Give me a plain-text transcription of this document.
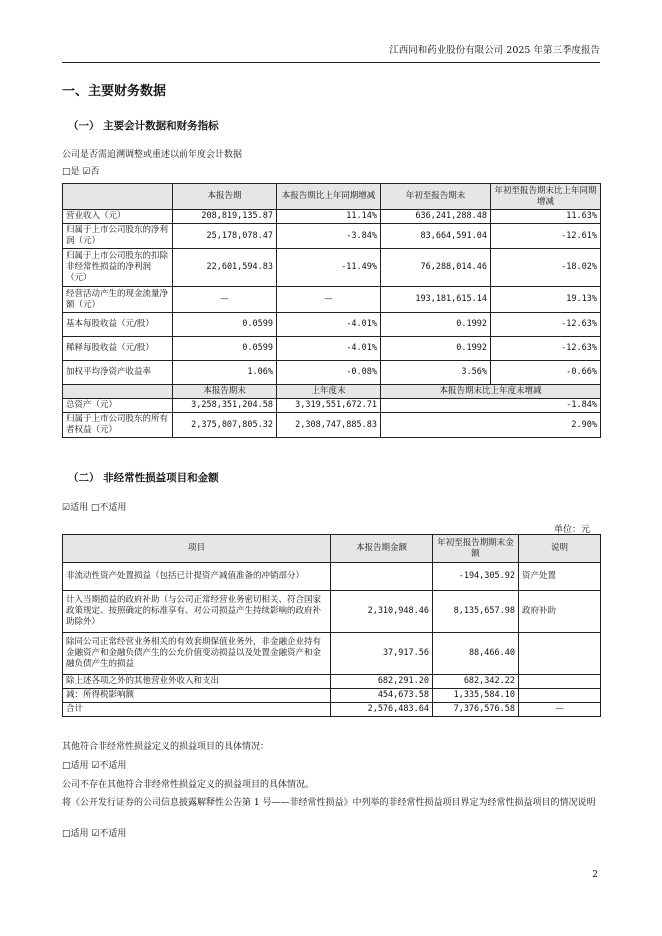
江西同和药业股份有限公司 2025 年第三季度报告
一、主要财务数据
（一） 主要会计数据和财务指标
公司是否需追溯调整或重述以前年度会计数据
□是 ☑否
	本报告期	本报告期比上年同期增减	年初至报告期末	年初至报告期末比上年同期增减
营业收入（元）	208,819,135.87	11.14%	636,241,288.48	11.63%
归属于上市公司股东的净利润（元）	25,178,078.47	-3.84%	83,664,591.04	-12.61%
归属于上市公司股东的扣除非经常性损益的净利润（元）	22,601,594.83	-11.49%	76,288,014.46	-18.02%
经营活动产生的现金流量净额（元）	—	—	193,181,615.14	19.13%
基本每股收益（元/股）	0.0599	-4.01%	0.1992	-12.63%
稀释每股收益（元/股）	0.0599	-4.01%	0.1992	-12.63%
加权平均净资产收益率	1.06%	-0.08%	3.56%	-0.66%
	本报告期末	上年度末	本报告期末比上年度末增减	
总资产（元）	3,258,351,204.58	3,319,551,672.71	-1.84%	
归属于上市公司股东的所有者权益（元）	2,375,807,805.32	2,308,747,885.83	2.90%	
（二） 非经常性损益项目和金额
☑适用 □不适用
单位：元
项目	本报告期金额	年初至报告期期末金额	说明
非流动性资产处置损益（包括已计提资产减值准备的冲销部分）		-194,305.92	资产处置
计入当期损益的政府补助（与公司正常经营业务密切相关、符合国家政策规定、按照确定的标准享有、对公司损益产生持续影响的政府补助除外）	2,310,948.46	8,135,657.98	政府补助
除同公司正常经营业务相关的有效套期保值业务外，非金融企业持有金融资产和金融负债产生的公允价值变动损益以及处置金融资产和金融负债产生的损益	37,917.56	88,466.40	
除上述各项之外的其他营业外收入和支出	682,291.20	682,342.22	
减：所得税影响额	454,673.58	1,335,584.10	
合计	2,576,483.64	7,376,576.58	—
其他符合非经常性损益定义的损益项目的具体情况：
□适用 ☑不适用
公司不存在其他符合非经常性损益定义的损益项目的具体情况。
将《公开发行证券的公司信息披露解释性公告第 1 号——非经常性损益》中列举的非经常性损益项目界定为经常性损益项目的情况说明
□适用 ☑不适用
2
